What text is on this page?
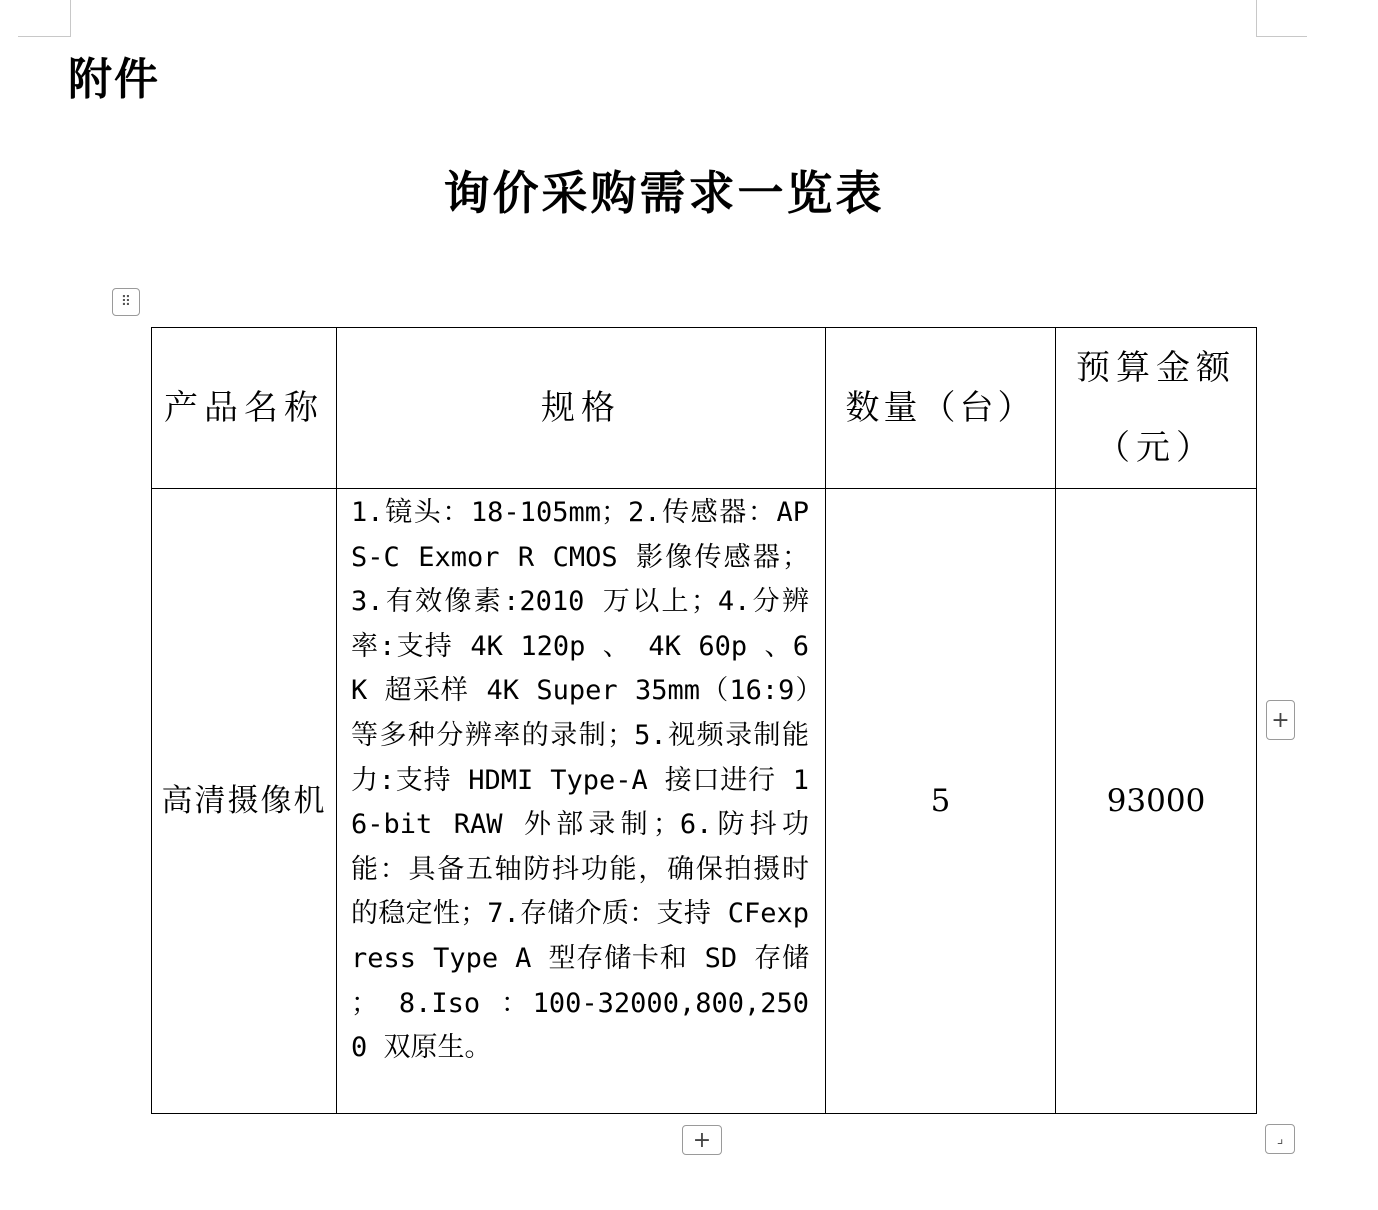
附件
询价采购需求一览表
⠿
产品名称	规格	数量（台）	预算金额（元）
高清摄像机	1.镜头：18-105mm；2.传感器：APS-C Exmor R CMOS 影像传感器；3.有效像素:2010 万以上；4.分辨率:支持 4K 120p 、 4K 60p 、6K 超采样 4K Super 35mm（16:9）等多种分辨率的录制；5.视频录制能力:支持 HDMI Type-A 接口进行 16-bit RAW 外部录制；6.防抖功能：具备五轴防抖功能，确保拍摄时的稳定性；7.存储介质：支持 CFexpress Type A 型存储卡和 SD 存储 ； 8.Iso ：100-32000,800,2500 双原生。	5	93000
+
+	⌟
